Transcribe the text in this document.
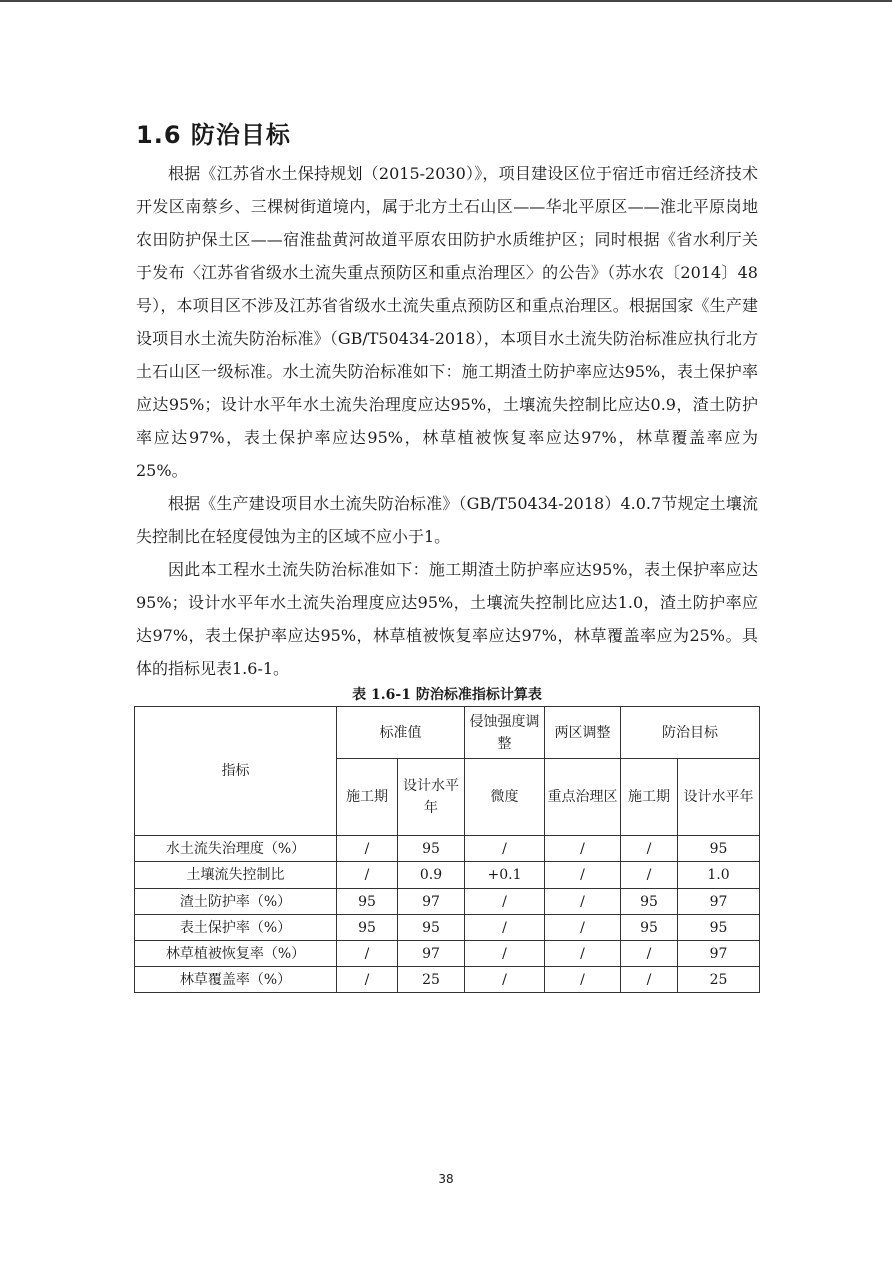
1.6 防治目标

根据《江苏省水土保持规划（2015-2030）》，项目建设区位于宿迁市宿迁经济技术开发区南蔡乡、三棵树街道境内，属于北方土石山区——华北平原区——淮北平原岗地农田防护保土区——宿淮盐黄河故道平原农田防护水质维护区；同时根据《省水利厅关于发布〈江苏省省级水土流失重点预防区和重点治理区〉的公告》（苏水农〔2014〕48号），本项目区不涉及江苏省省级水土流失重点预防区和重点治理区。根据国家《生产建设项目水土流失防治标准》（GB/T50434-2018），本项目水土流失防治标准应执行北方土石山区一级标准。水土流失防治标准如下：施工期渣土防护率应达95%，表土保护率应达95%；设计水平年水土流失治理度应达95%，土壤流失控制比应达0.9，渣土防护率应达97%，表土保护率应达95%，林草植被恢复率应达97%，林草覆盖率应为25%。

根据《生产建设项目水土流失防治标准》（GB/T50434-2018）4.0.7节规定土壤流失控制比在轻度侵蚀为主的区域不应小于1。

因此本工程水土流失防治标准如下：施工期渣土防护率应达95%，表土保护率应达95%；设计水平年水土流失治理度应达95%，土壤流失控制比应达1.0，渣土防护率应达97%，表土保护率应达95%，林草植被恢复率应达97%，林草覆盖率应为25%。具体的指标见表1.6-1。

表 1.6-1 防治标准指标计算表
指标	标准值		侵蚀强度调整	两区调整	防治目标	
	施工期	设计水平年	微度	重点治理区	施工期	设计水平年
水土流失治理度（%）	/	95	/	/	/	95
土壤流失控制比	/	0.9	+0.1	/	/	1.0
渣土防护率（%）	95	97	/	/	95	97
表土保护率（%）	95	95	/	/	95	95
林草植被恢复率（%）	/	97	/	/	/	97
林草覆盖率（%）	/	25	/	/	/	25
38
